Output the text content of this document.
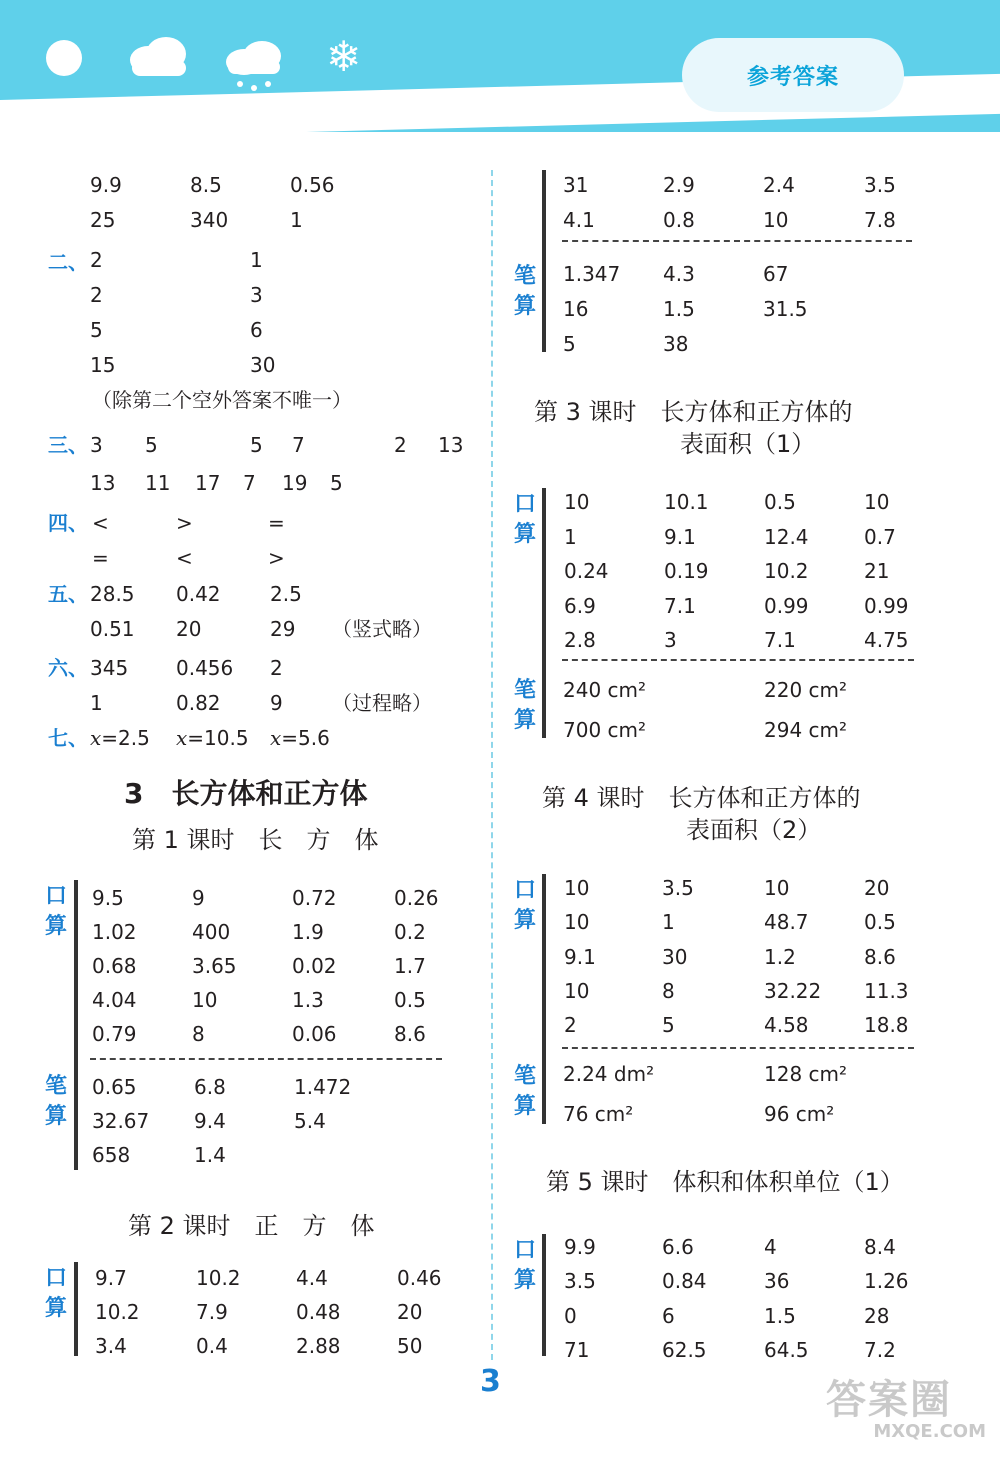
❄	参考答案
9.9	8.5	0.56
25	340	1
二、 2	1
2	3
5	6
15	30
（除第二个空外答案不唯一）
三、 3 5	5 7	2 13
13 11 17 7 19 5
四、 <	>	=
=	<	>
五、 28.5 0.42 2.5
0.51 20	29 （竖式略）
六、 345 0.456 2
1	0.82 9 （过程略）
七、 x=2.5 x=10.5 x=5.6
3　长方体和正方体
第 1 课时　长　方　体
口
算
9.5	9	0.72	0.26
1.02	400	1.9	0.2
0.68	3.65	0.02	1.7
4.04	10	1.3	0.5
0.79	8	0.06	8.6
笔
算
0.65	6.8	1.472
32.67 9.4	5.4
658	1.4
第 2 课时　正　方　体
口
算
9.7	10.2	4.4	0.46
10.2	7.9	0.48	20
3.4	0.4	2.88	50
31	2.9	2.4	3.5
4.1	0.8	10	7.8
笔
算
1.347 4.3	67
16	1.5	31.5
5	38
第 3 课时　长方体和正方体的
表面积（1）
口
算
10	10.1	0.5	10
1	9.1	12.4	0.7
0.24	0.19	10.2	21
6.9	7.1	0.99	0.99
2.8	3	7.1	4.75
笔
算
240 cm²	220 cm²
700 cm²	294 cm²
第 4 课时　长方体和正方体的
表面积（2）
口
算
10	3.5	10	20
10	1	48.7	0.5
9.1	30	1.2	8.6
10	8	32.22 11.3
2	5	4.58	18.8
笔
算
2.24 dm²	128 cm²
76 cm²	96 cm²
第 5 课时　体积和体积单位（1）
口
算
9.9	6.6	4	8.4
3.5	0.84	36	1.26
0	6	1.5	28
71	62.5	64.5	7.2
3	答案圈
MXQE.COM
